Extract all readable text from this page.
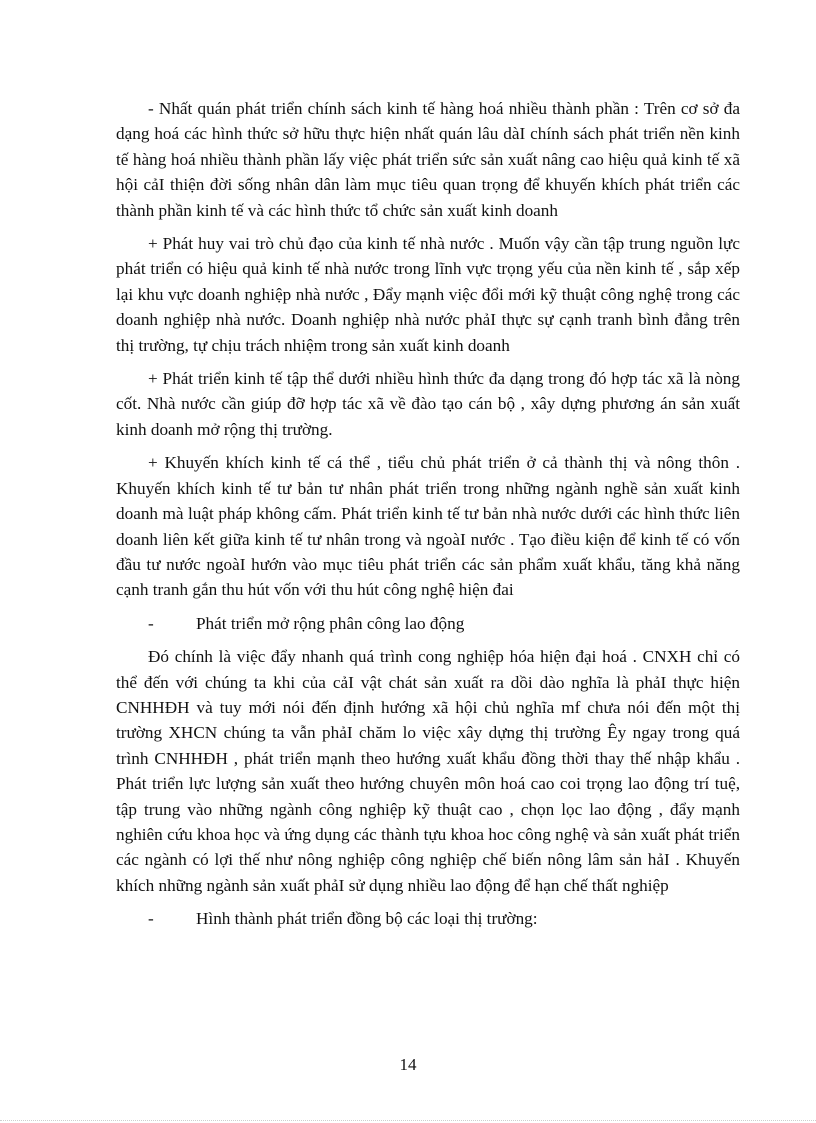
- Nhất quán phát triển chính sách kinh tế hàng hoá nhiều thành phần : Trên cơ sở đa dạng hoá các hình thức sở hữu thực hiện nhất quán lâu dàI chính sách phát triển nền kinh tế hàng hoá nhiều thành phần lấy việc phát triển sức sản xuất nâng cao hiệu quả kinh tế xã hội cảI thiện đời sống nhân dân làm mục tiêu quan trọng để khuyến khích phát triển các thành phần kinh tế và các hình thức tổ chức sản xuất kinh doanh

+ Phát huy vai trò chủ đạo của kinh tế nhà nước . Muốn vậy cần tập trung nguồn lực phát triển có hiệu quả kinh tế nhà nước trong lĩnh vực trọng yếu của nền kinh tế , sắp xếp lại khu vực doanh nghiệp nhà nước , Đẩy mạnh việc đổi mới kỹ thuật công nghệ trong các doanh nghiệp nhà nước. Doanh nghiệp nhà nước phảI thực sự cạnh tranh bình đẳng trên thị trường, tự chịu trách nhiệm trong sản xuất kinh doanh

+ Phát triển kinh tế tập thể dưới nhiều hình thức đa dạng trong đó hợp tác xã là nòng cốt. Nhà nước cần giúp đỡ hợp tác xã về đào tạo cán bộ , xây dựng phương án sản xuất kinh doanh mở rộng thị trường.

+ Khuyến khích kinh tế cá thể , tiểu chủ phát triển ở cả thành thị và nông thôn . Khuyến khích kinh tế tư bản tư nhân phát triển trong những ngành nghề sản xuất kinh doanh mà luật pháp không cấm. Phát triển kinh tế tư bản nhà nước dưới các hình thức liên doanh liên kết giữa kinh tế tư nhân trong và ngoàI nước . Tạo điều kiện để kinh tế có vốn đầu tư nước ngoàI hướn vào mục tiêu phát triển các sản phẩm xuất khẩu, tăng khả năng cạnh tranh gắn thu hút vốn với thu hút công nghệ hiện đai

-	Phát triển mở rộng phân công lao động

Đó chính là việc đẩy nhanh quá trình cong nghiệp hóa hiện đại hoá . CNXH chỉ có thể đến với chúng ta khi của cảI vật chát sản xuất ra dồi dào nghĩa là phảI thực hiện CNHHĐH và tuy mới nói đến định hướng xã hội chủ nghĩa mf chưa nói đến một thị trường XHCN chúng ta vẫn phảI chăm lo việc xây dựng thị trường Êy ngay trong quá trình CNHHĐH , phát triển mạnh theo hướng xuất khẩu đồng thời thay thế nhập khẩu . Phát triển lực lượng sản xuất theo hướng chuyên môn hoá cao coi trọng lao động trí tuệ, tập trung vào những ngành công nghiệp kỹ thuật cao , chọn lọc lao động , đẩy mạnh nghiên cứu khoa học và ứng dụng các thành tựu khoa hoc công nghệ và sản xuất phát triển các ngành có lợi thế như nông nghiệp công nghiệp chế biến nông lâm sản hảI . Khuyến khích những ngành sản xuất phảI sử dụng nhiều lao động để hạn chế thất nghiệp

-	Hình thành phát triển đồng bộ các loại thị trường:
14
